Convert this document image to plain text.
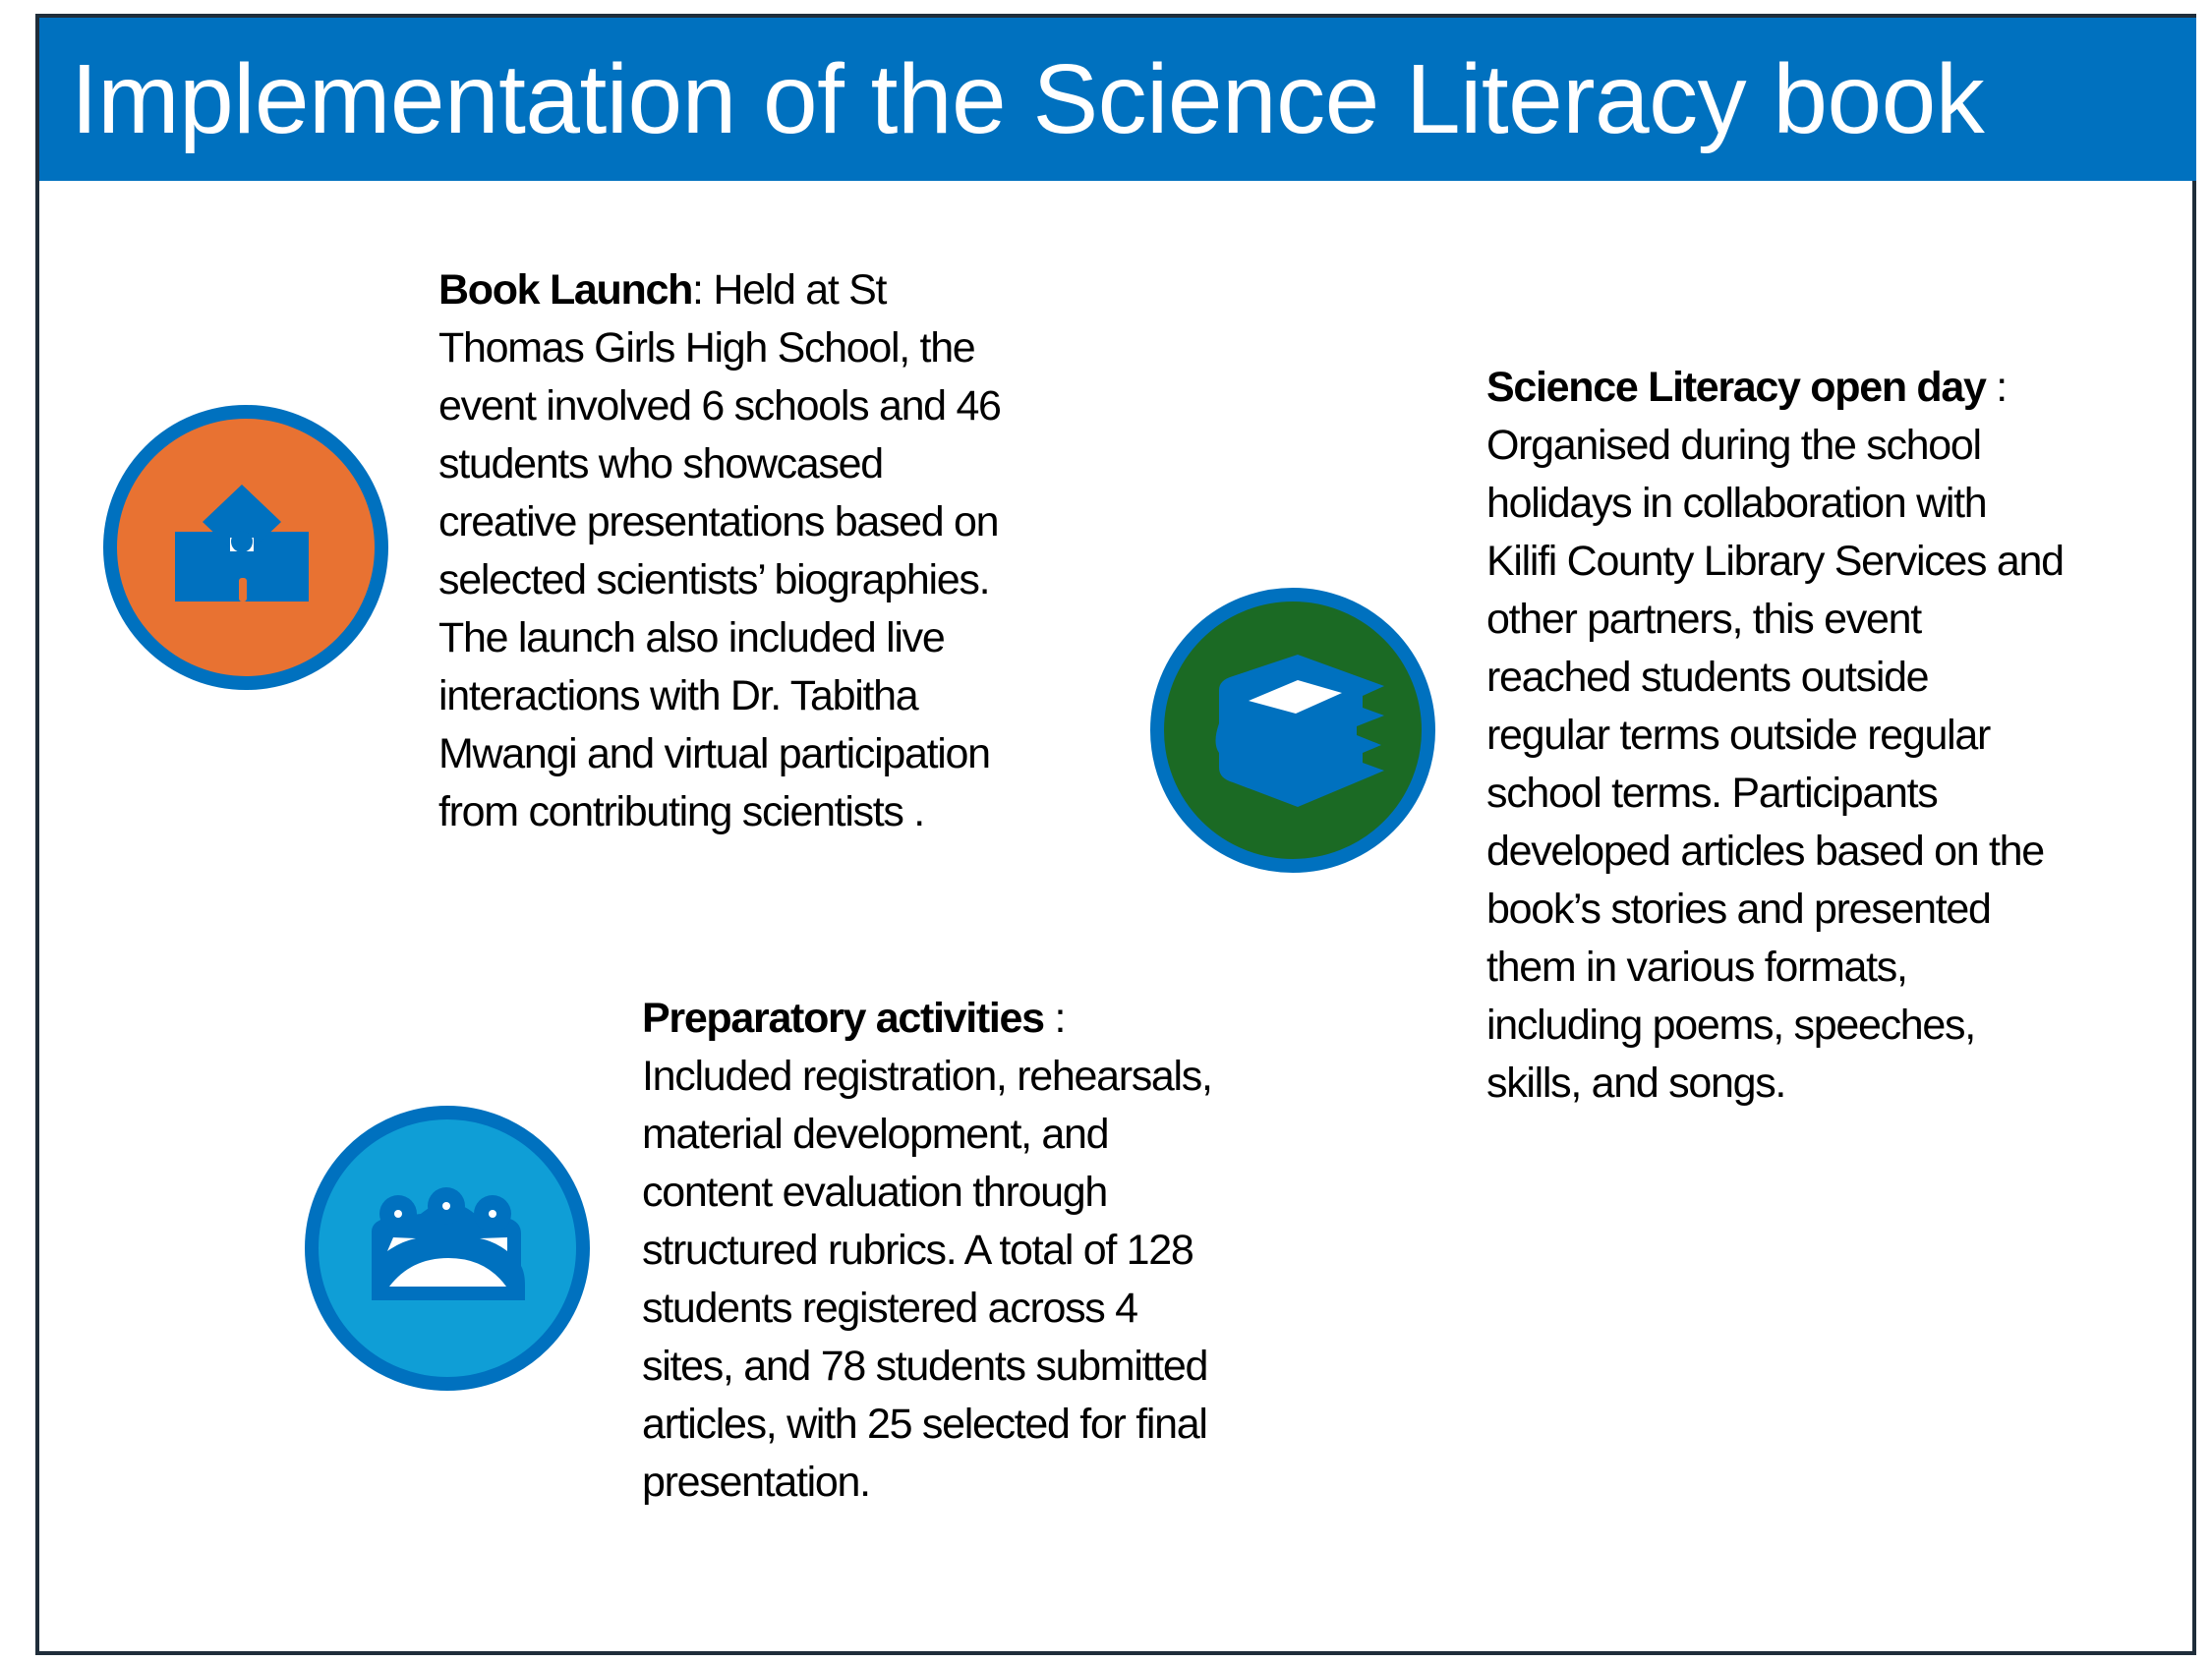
Implementation of the Science Literacy book
Book Launch: Held at St
Thomas Girls High School, the
event involved 6 schools and 46
students who showcased
creative presentations based on
selected scientists’ biographies.
The launch also included live
interactions with Dr. Tabitha
Mwangi and virtual participation
from contributing scientists .
Science Literacy open day :
Organised during the school
holidays in collaboration with
Kilifi County Library Services and
other partners, this event
reached students outside
regular terms outside regular
school terms. Participants
developed articles based on the
book’s stories and presented
them in various formats,
including poems, speeches,
skills, and songs.
Preparatory activities :
Included registration, rehearsals,
material development, and
content evaluation through
structured rubrics. A total of 128
students registered across 4
sites, and 78 students submitted
articles, with 25 selected for final
presentation.
